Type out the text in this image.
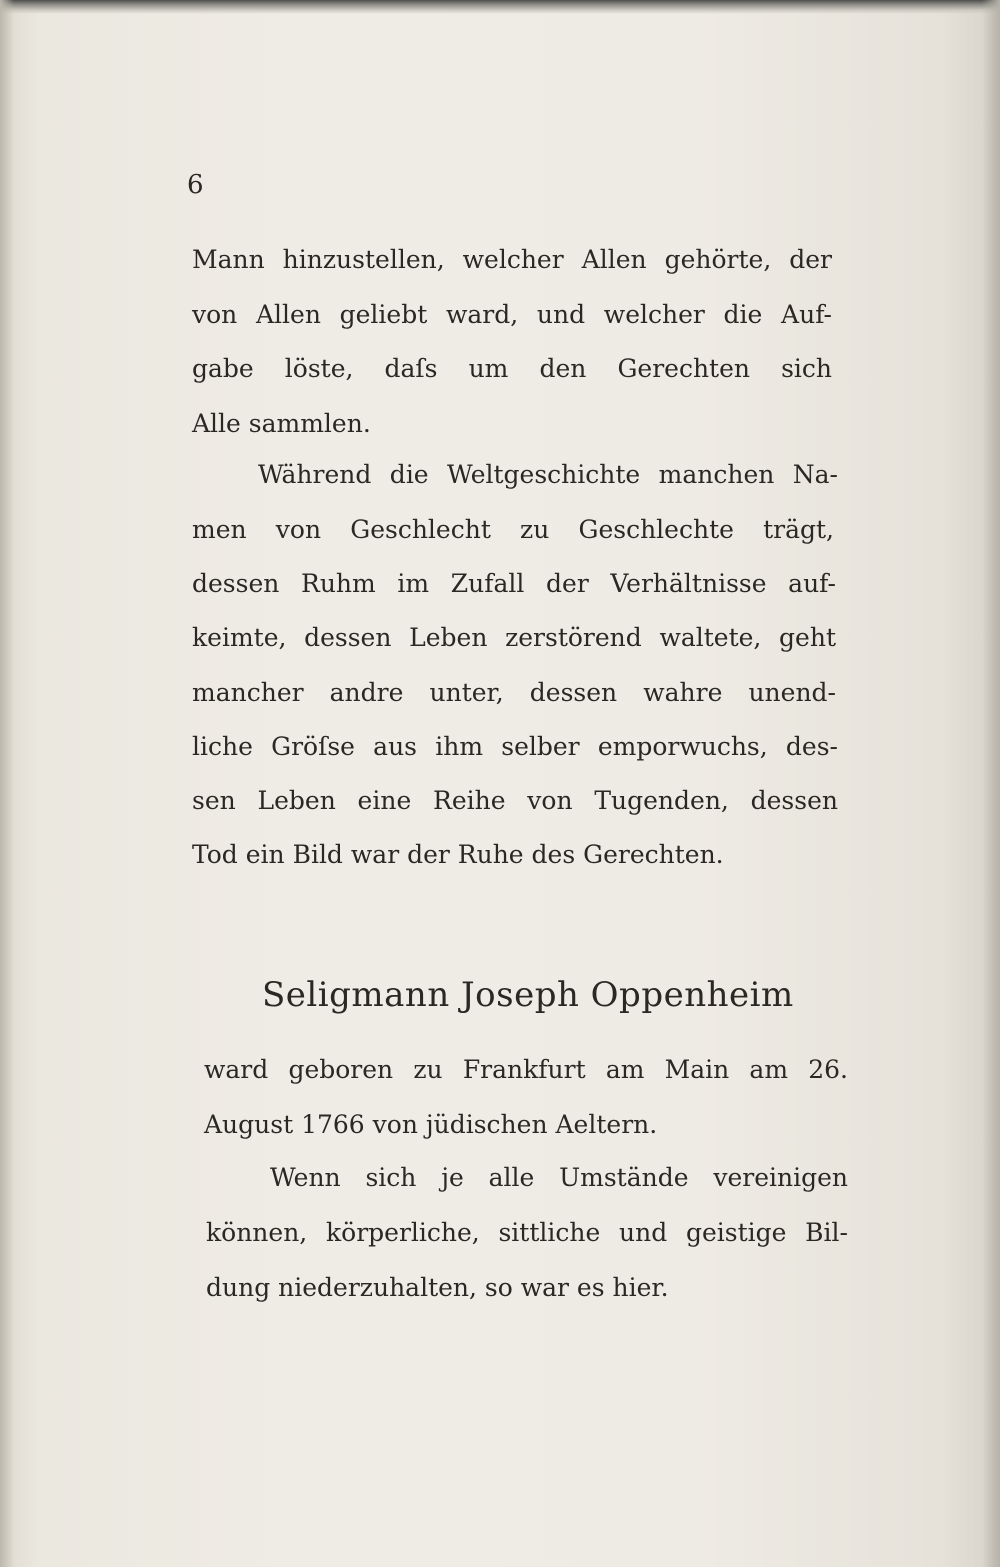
6
Mann hinzustellen, welcher Allen gehörte, der
von Allen geliebt ward, und welcher die Auf-
gabe löste, daſs um den Gerechten sich
Alle sammlen.
Während die Weltgeschichte manchen Na-
men von Geschlecht zu Geschlechte trägt,
dessen Ruhm im Zufall der Verhältnisse auf-
keimte, dessen Leben zerstörend waltete, geht
mancher andre unter, dessen wahre unend-
liche Gröſse aus ihm selber emporwuchs, des-
sen Leben eine Reihe von Tugenden, dessen
Tod ein Bild war der Ruhe des Gerechten.
Seligmann Joseph Oppenheim
ward geboren zu Frankfurt am Main am 26.
August 1766 von jüdischen Aeltern.
Wenn sich je alle Umstände vereinigen
können, körperliche, sittliche und geistige Bil-
dung niederzuhalten, so war es hier.
